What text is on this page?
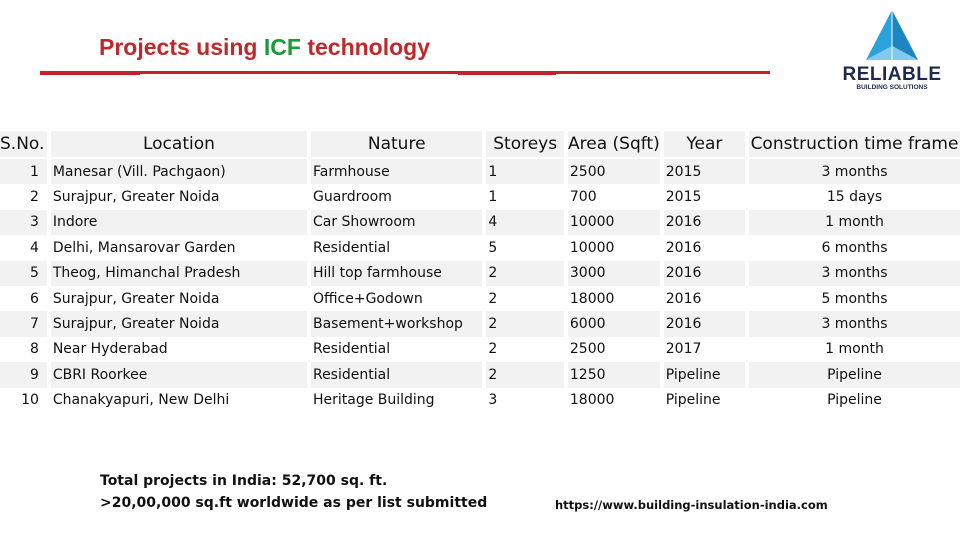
Projects using ICF technology
RELIABLE
BUILDING SOLUTIONS
S.No.		Location		Nature		Storeys		Area (Sqft)		Year		Construction time frame
1		Manesar (Vill. Pachgaon)		Farmhouse		1		2500		2015		3 months
2		Surajpur, Greater Noida		Guardroom		1		700		2015		15 days
3		Indore		Car Showroom		4		10000		2016		1 month
4		Delhi, Mansarovar Garden		Residential		5		10000		2016		6 months
5		Theog, Himanchal Pradesh		Hill top farmhouse		2		3000		2016		3 months
6		Surajpur, Greater Noida		Office+Godown		2		18000		2016		5 months
7		Surajpur, Greater Noida		Basement+workshop		2		6000		2016		3 months
8		Near Hyderabad		Residential		2		2500		2017		1 month
9		CBRI Roorkee		Residential		2		1250		Pipeline		Pipeline
10		Chanakyapuri, New Delhi		Heritage Building		3		18000		Pipeline		Pipeline
Total projects in India: 52,700 sq. ft.
>20,00,000 sq.ft worldwide as per list submitted	https://www.building-insulation-india.com
